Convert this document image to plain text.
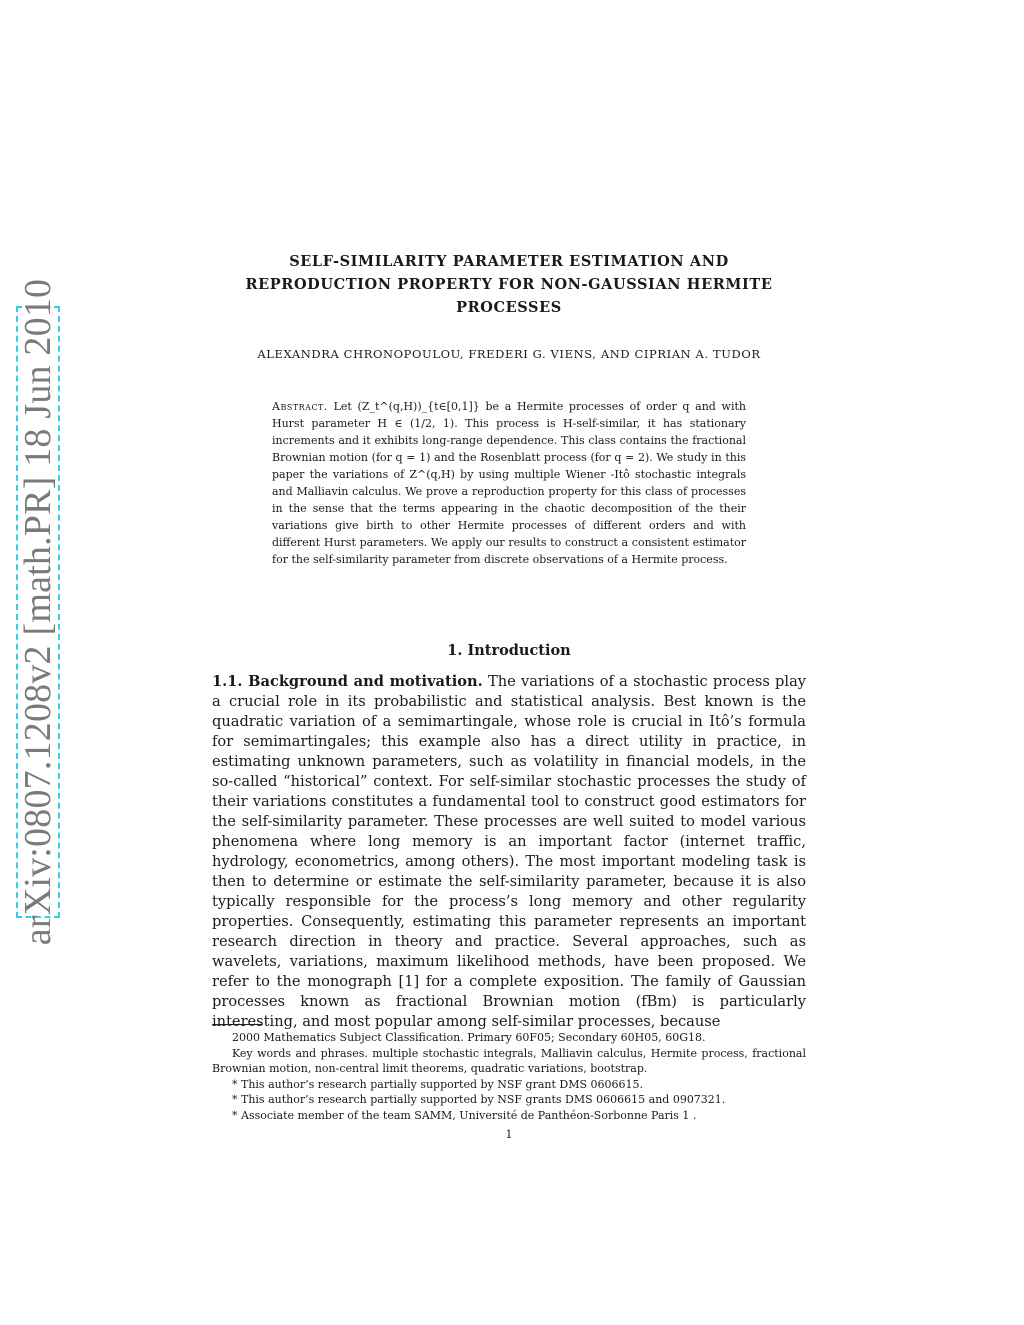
arXiv:0807.1208v2 [math.PR] 18 Jun 2010
SELF-SIMILARITY PARAMETER ESTIMATION AND
REPRODUCTION PROPERTY FOR NON-GAUSSIAN HERMITE
PROCESSES

ALEXANDRA CHRONOPOULOU, FREDERI G. VIENS, AND CIPRIAN A. TUDOR

Abstract. Let (Z_t^(q,H))_{t∈[0,1]} be a Hermite processes of order q and with Hurst parameter H ∈ (1/2, 1). This process is H-self-similar, it has stationary increments and it exhibits long-range dependence. This class contains the fractional Brownian motion (for q = 1) and the Rosenblatt process (for q = 2). We study in this paper the variations of Z^(q,H) by using multiple Wiener -Itô stochastic integrals and Malliavin calculus. We prove a reproduction property for this class of processes in the sense that the terms appearing in the chaotic decomposition of the their variations give birth to other Hermite processes of different orders and with different Hurst parameters. We apply our results to construct a consistent estimator for the self-similarity parameter from discrete observations of a Hermite process.

1. Introduction

1.1. Background and motivation. The variations of a stochastic process play a crucial role in its probabilistic and statistical analysis. Best known is the quadratic variation of a semimartingale, whose role is crucial in Itô’s formula for semimartingales; this example also has a direct utility in practice, in estimating unknown parameters, such as volatility in financial models, in the so-called “historical” context. For self-similar stochastic processes the study of their variations constitutes a fundamental tool to construct good estimators for the self-similarity parameter. These processes are well suited to model various phenomena where long memory is an important factor (internet traffic, hydrology, econometrics, among others). The most important modeling task is then to determine or estimate the self-similarity parameter, because it is also typically responsible for the process’s long memory and other regularity properties. Consequently, estimating this parameter represents an important research direction in theory and practice. Several approaches, such as wavelets, variations, maximum likelihood methods, have been proposed. We refer to the monograph [1] for a complete exposition. The family of Gaussian processes known as fractional Brownian motion (fBm) is particularly interesting, and most popular among self-similar processes, because

2000 Mathematics Subject Classification. Primary 60F05; Secondary 60H05, 60G18.

Key words and phrases. multiple stochastic integrals, Malliavin calculus, Hermite process, fractional Brownian motion, non-central limit theorems, quadratic variations, bootstrap.

* This author’s research partially supported by NSF grant DMS 0606615.

* This author’s research partially supported by NSF grants DMS 0606615 and 0907321.

* Associate member of the team SAMM, Université de Panthéon-Sorbonne Paris 1 .

1
